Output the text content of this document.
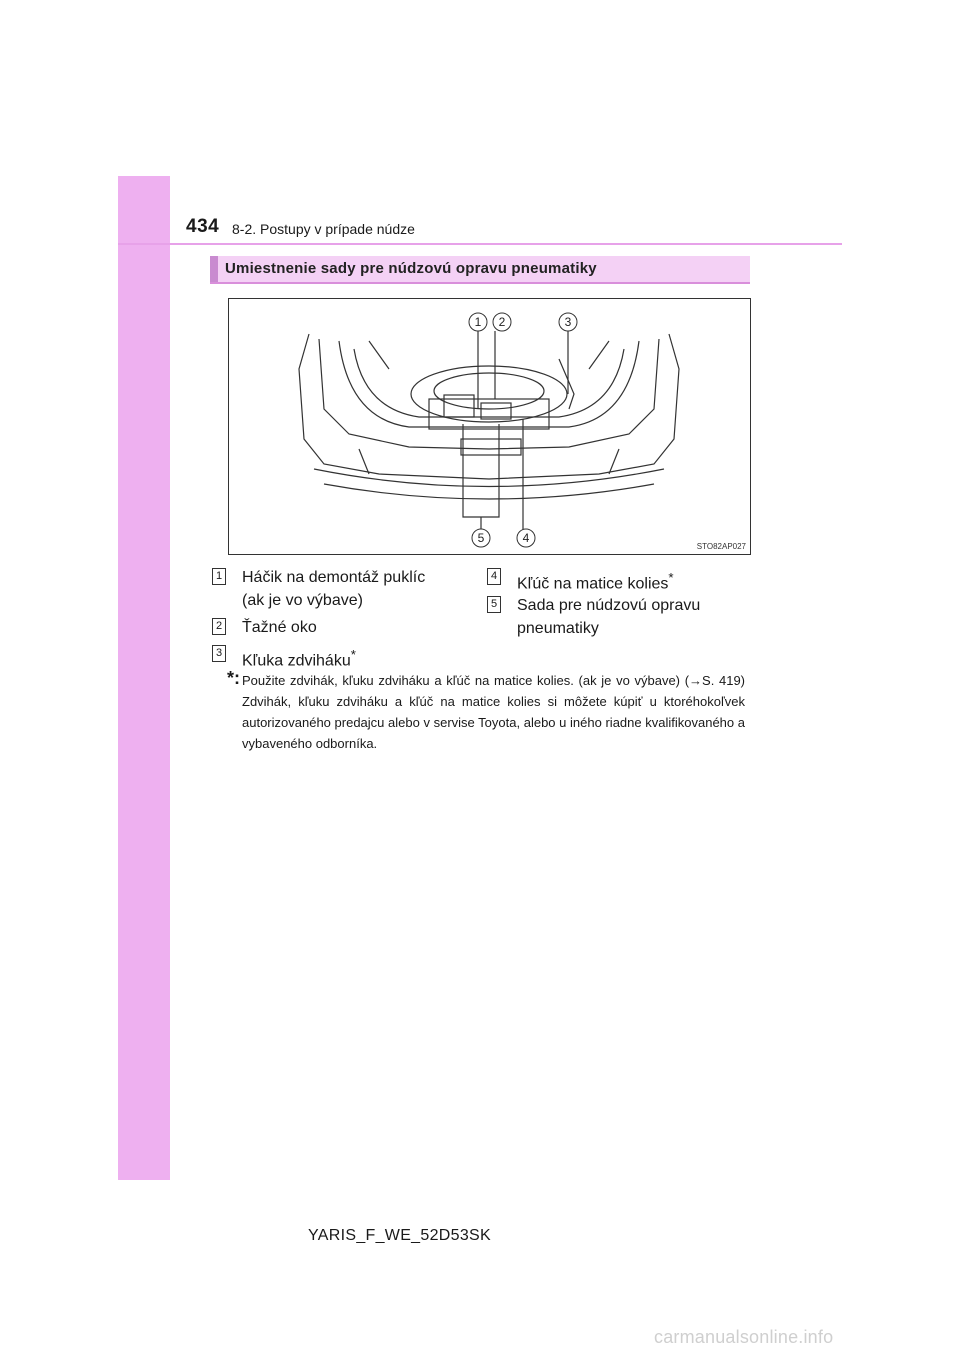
434 8-2. Postupy v prípade núdze
Umiestnenie sady pre núdzovú opravu pneumatiky
1 2	3
4
5
STO82AP027
1 Háčik na demontáž puklíc (ak je vo výbave)
2 Ťažné oko
3 Kľuka zdviháku*
4 Kľúč na matice kolies*
5 Sada pre núdzovú opravu pneumatiky
*: Použite zdvihák, kľuku zdviháku a kľúč na matice kolies. (ak je vo výbave) (→S. 419) Zdvihák, kľuku zdviháku a kľúč na matice kolies si môžete kúpiť u ktoréhokoľvek autorizovaného predajcu alebo v servise Toyota, alebo u iného riadne kvalifikovaného a vybaveného odborníka.
YARIS_F_WE_52D53SK
carmanualsonline.info
